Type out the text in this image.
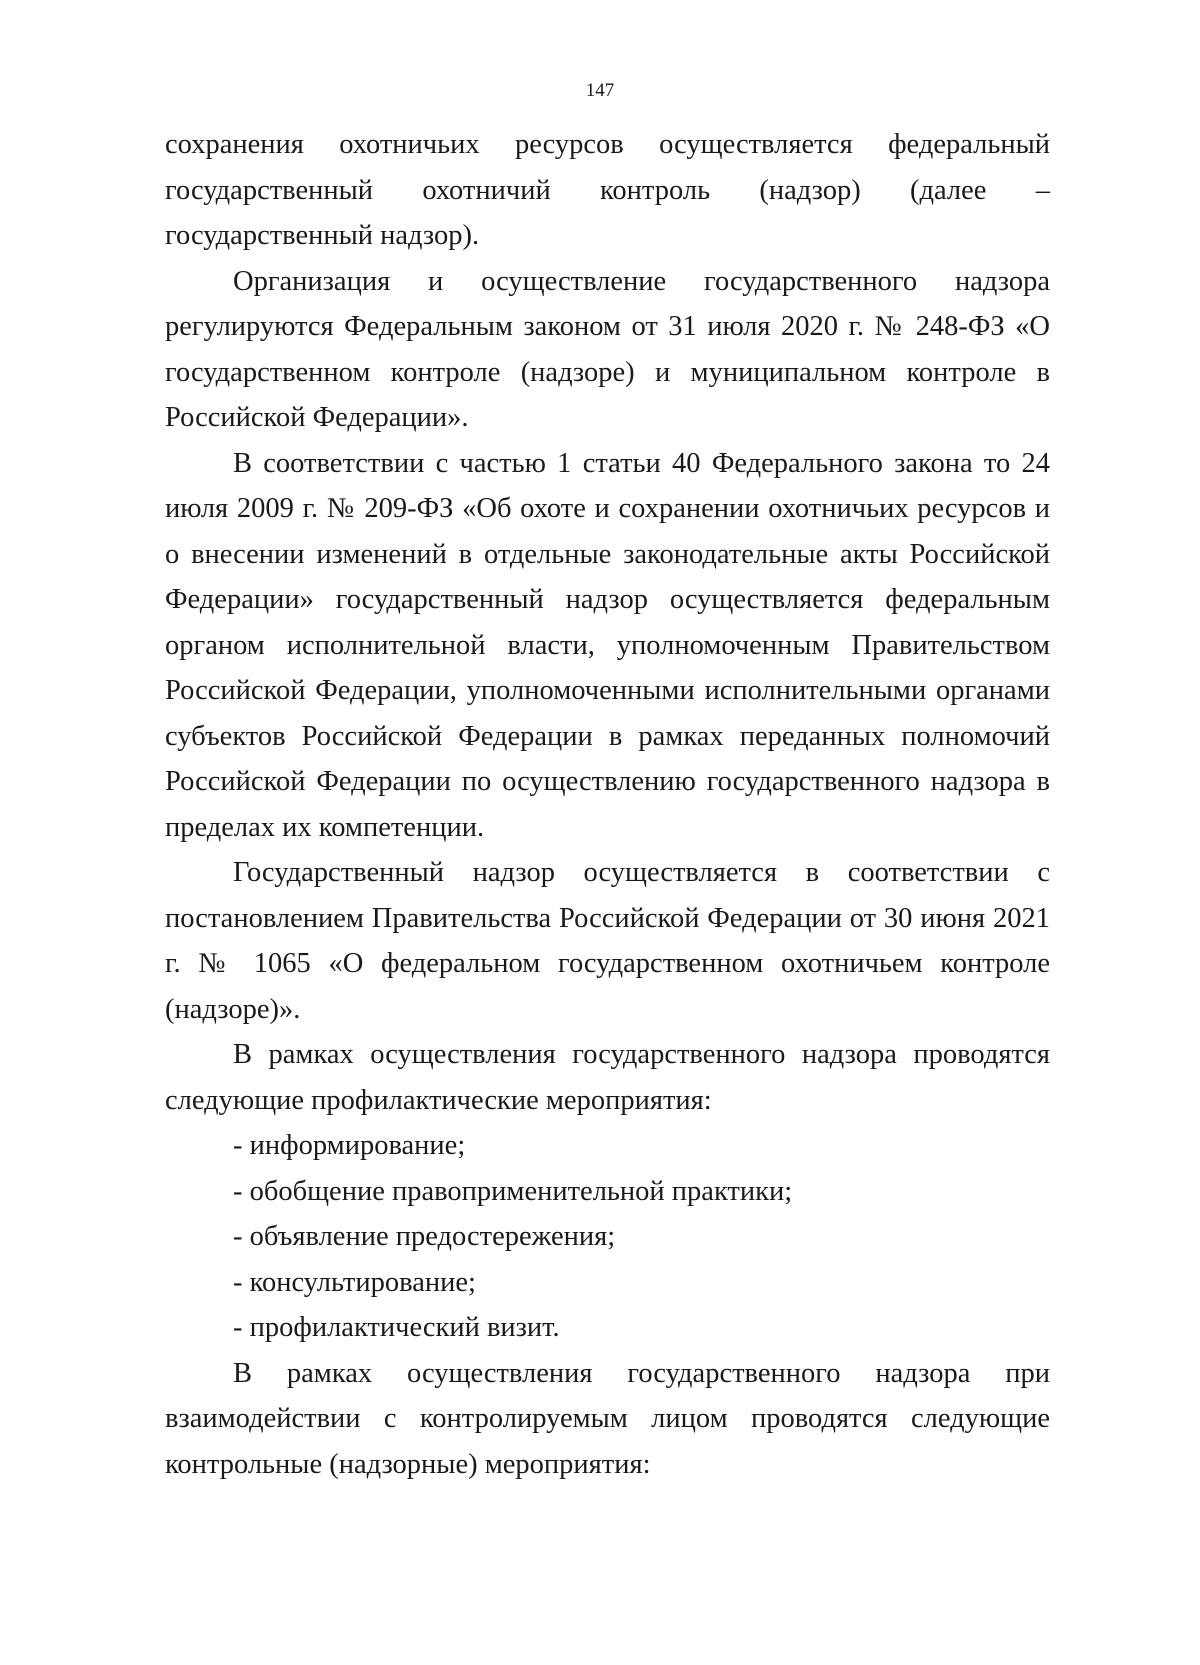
147

сохранения охотничьих ресурсов осуществляется федеральный государственный охотничий контроль (надзор) (далее – государственный надзор).

Организация и осуществление государственного надзора регулируются Федеральным законом от 31 июля 2020 г. № 248-ФЗ «О государственном контроле (надзоре) и муниципальном контроле в Российской Федерации».

В соответствии с частью 1 статьи 40 Федерального закона то 24 июля 2009 г. № 209-ФЗ «Об охоте и сохранении охотничьих ресурсов и о внесении изменений в отдельные законодательные акты Российской Федерации» государственный надзор осуществляется федеральным органом исполнительной власти, уполномоченным Правительством Российской Федерации, уполномоченными исполнительными органами субъектов Российской Федерации в рамках переданных полномочий Российской Федерации по осуществлению государственного надзора в пределах их компетенции.

Государственный надзор осуществляется в соответствии с постановлением Правительства Российской Федерации от 30 июня 2021 г. № 1065 «О федеральном государственном охотничьем контроле (надзоре)».

В рамках осуществления государственного надзора проводятся следующие профилактические мероприятия:

- информирование;

- обобщение правоприменительной практики;

- объявление предостережения;

- консультирование;

- профилактический визит.

В рамках осуществления государственного надзора при взаимодействии с контролируемым лицом проводятся следующие контрольные (надзорные) мероприятия:
